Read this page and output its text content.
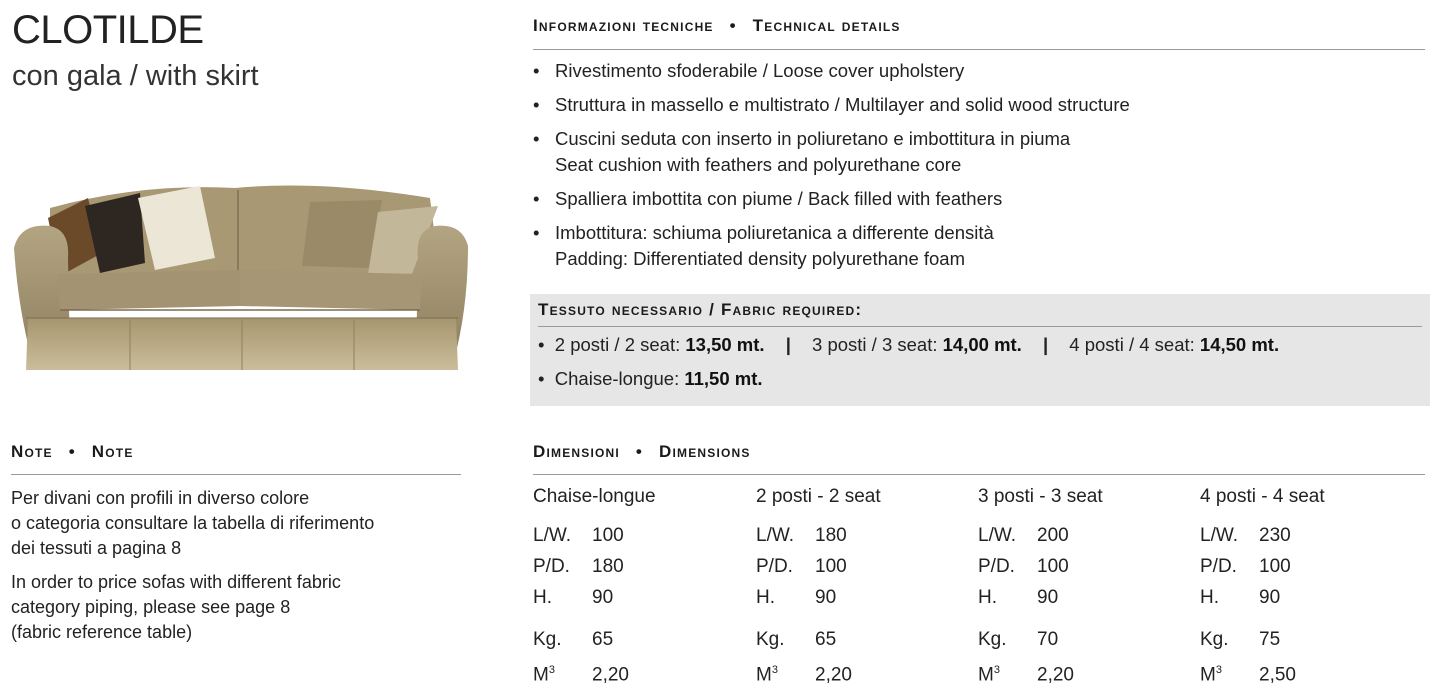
CLOTILDE
con gala / with skirt
Informazioni tecniche • Technical details
• Rivestimento sfoderabile / Loose cover upholstery
• Struttura in massello e multistrato / Multilayer and solid wood structure
• Cuscini seduta con inserto in poliuretano e imbottitura in piuma
Seat cushion with feathers and polyurethane core
• Spalliera imbottita con piume / Back filled with feathers
• Imbottitura: schiuma poliuretanica a differente densità
Padding: Differentiated density polyurethane foam
Tessuto necessario / Fabric required:
• 2 posti / 2 seat: 13,50 mt. | 3 posti / 3 seat: 14,00 mt. | 4 posti / 4 seat: 14,50 mt.
• Chaise-longue: 11,50 mt.
Note • Note

Per divani con profili in diverso colore
o categoria consultare la tabella di riferimento
dei tessuti a pagina 8

In order to price sofas with different fabric
category piping, please see page 8
(fabric reference table)

Dimensioni • Dimensions
Chaise-longue
L/W. 100
P/D. 180
H. 90
Kg. 65
$M^3$ 2,20
2 posti - 2 seat
L/W. 180
P/D. 100
H. 90
Kg. 65
$M^3$ 2,20
3 posti - 3 seat
L/W. 200
P/D. 100
H. 90
Kg. 70
$M^3$ 2,20
4 posti - 4 seat
L/W. 230
P/D. 100
H. 90
Kg. 75
$M^3$ 2,50
